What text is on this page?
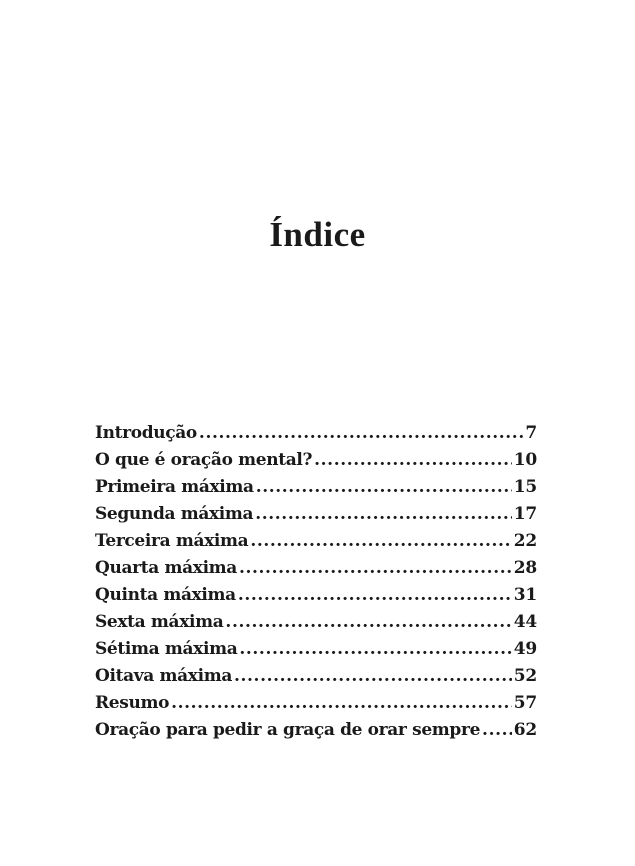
Índice
Introdução .....	7
O que é oração mental? .....	10
Primeira máxima .....	15
Segunda máxima .....	17
Terceira máxima .....	22
Quarta máxima .....	28
Quinta máxima .....	31
Sexta máxima .....	44
Sétima máxima .....	49
Oitava máxima .....	52
Resumo .....	57
Oração para pedir a graça de orar sempre ..... 62
